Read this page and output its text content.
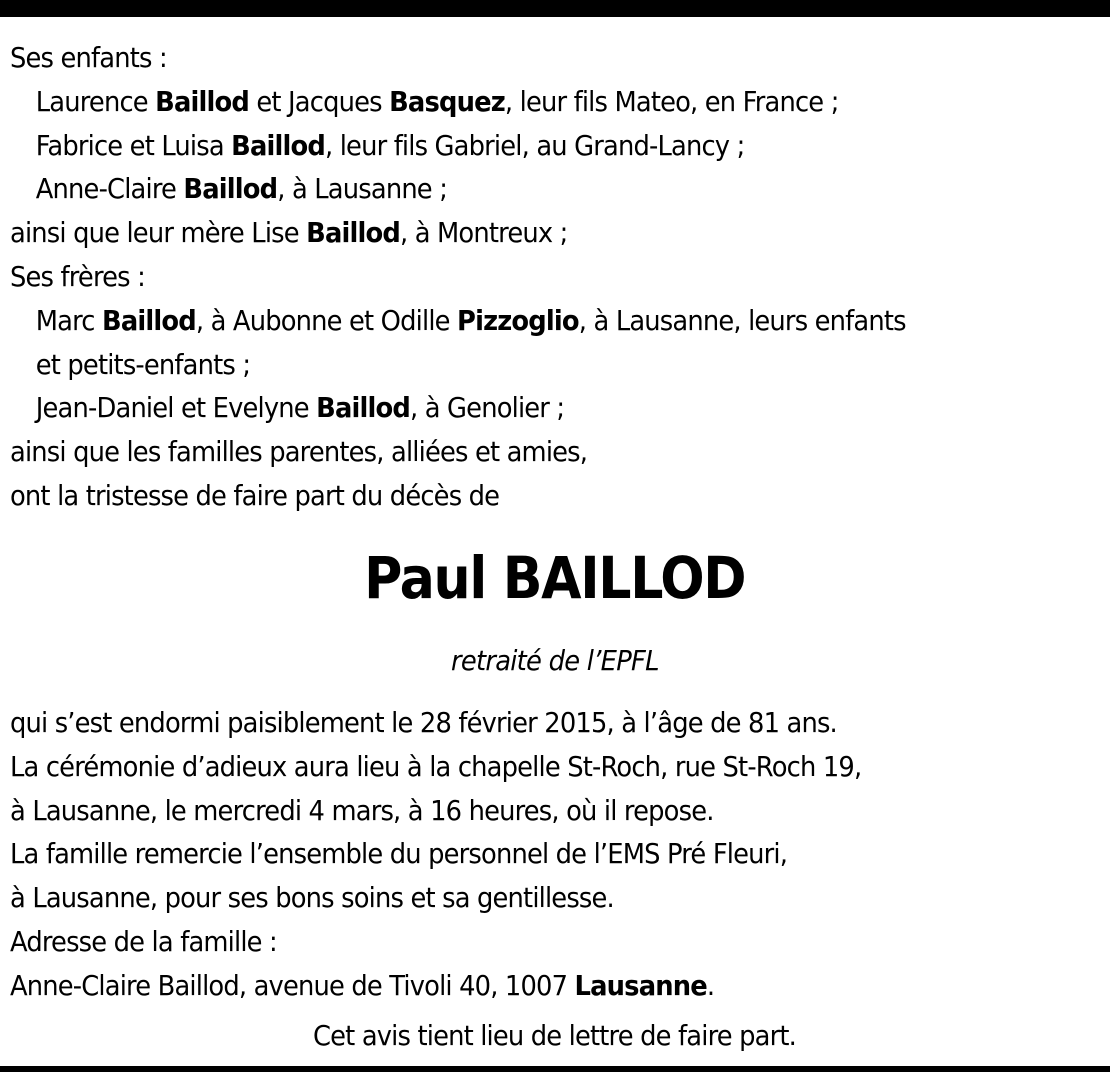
Ses enfants :
Laurence Baillod et Jacques Basquez, leur fils Mateo, en France ;
Fabrice et Luisa Baillod, leur fils Gabriel, au Grand-Lancy ;
Anne-Claire Baillod, à Lausanne ;
ainsi que leur mère Lise Baillod, à Montreux ;
Ses frères :
Marc Baillod, à Aubonne et Odille Pizzoglio, à Lausanne, leurs enfants
et petits-enfants ;
Jean-Daniel et Evelyne Baillod, à Genolier ;
ainsi que les familles parentes, alliées et amies,
ont la tristesse de faire part du décès de
Paul BAILLOD
retraité de l’EPFL
qui s’est endormi paisiblement le 28 février 2015, à l’âge de 81 ans.
La cérémonie d’adieux aura lieu à la chapelle St-Roch, rue St-Roch 19,
à Lausanne, le mercredi 4 mars, à 16 heures, où il repose.
La famille remercie l’ensemble du personnel de l’EMS Pré Fleuri,
à Lausanne, pour ses bons soins et sa gentillesse.
Adresse de la famille :
Anne-Claire Baillod, avenue de Tivoli 40, 1007 Lausanne.
Cet avis tient lieu de lettre de faire part.
